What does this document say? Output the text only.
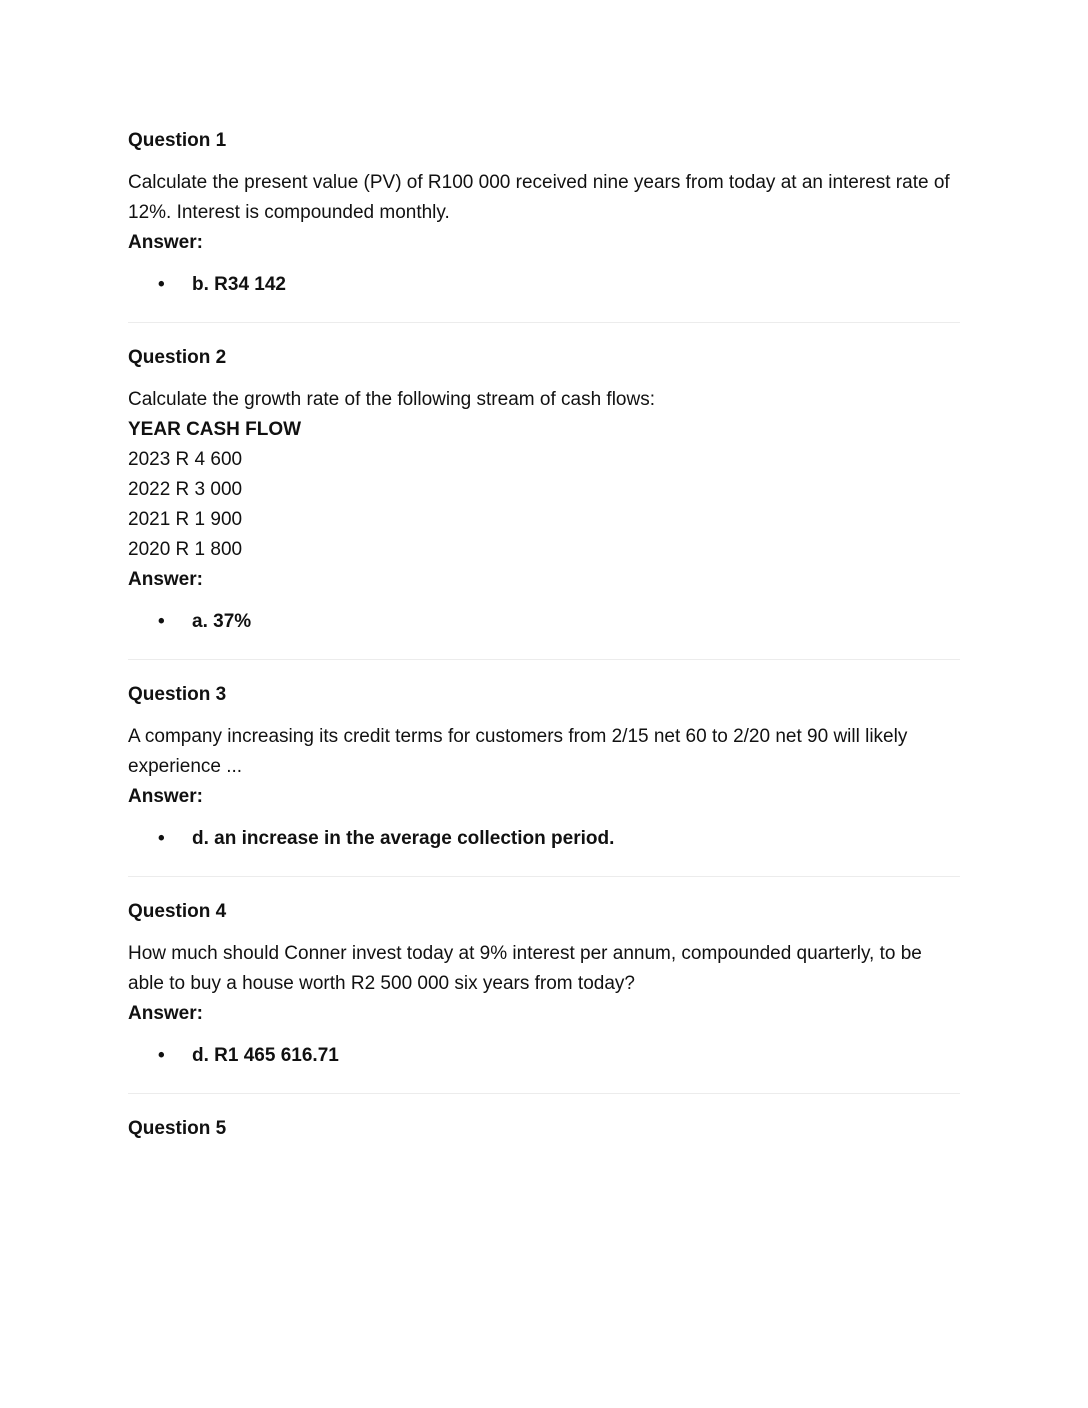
Question 1

Calculate the present value (PV) of R100 000 received nine years from today at an interest rate of 12%. Interest is compounded monthly.

Answer:

• b. R34 142
Question 2

Calculate the growth rate of the following stream of cash flows:

YEAR CASH FLOW
2023 R 4 600
2022 R 3 000
2021 R 1 900
2020 R 1 800

Answer:

• a. 37%
Question 3

A company increasing its credit terms for customers from 2/15 net 60 to 2/20 net 90 will likely experience ...

Answer:

• d. an increase in the average collection period.
Question 4

How much should Conner invest today at 9% interest per annum, compounded quarterly, to be able to buy a house worth R2 500 000 six years from today?

Answer:

• d. R1 465 616.71
Question 5
